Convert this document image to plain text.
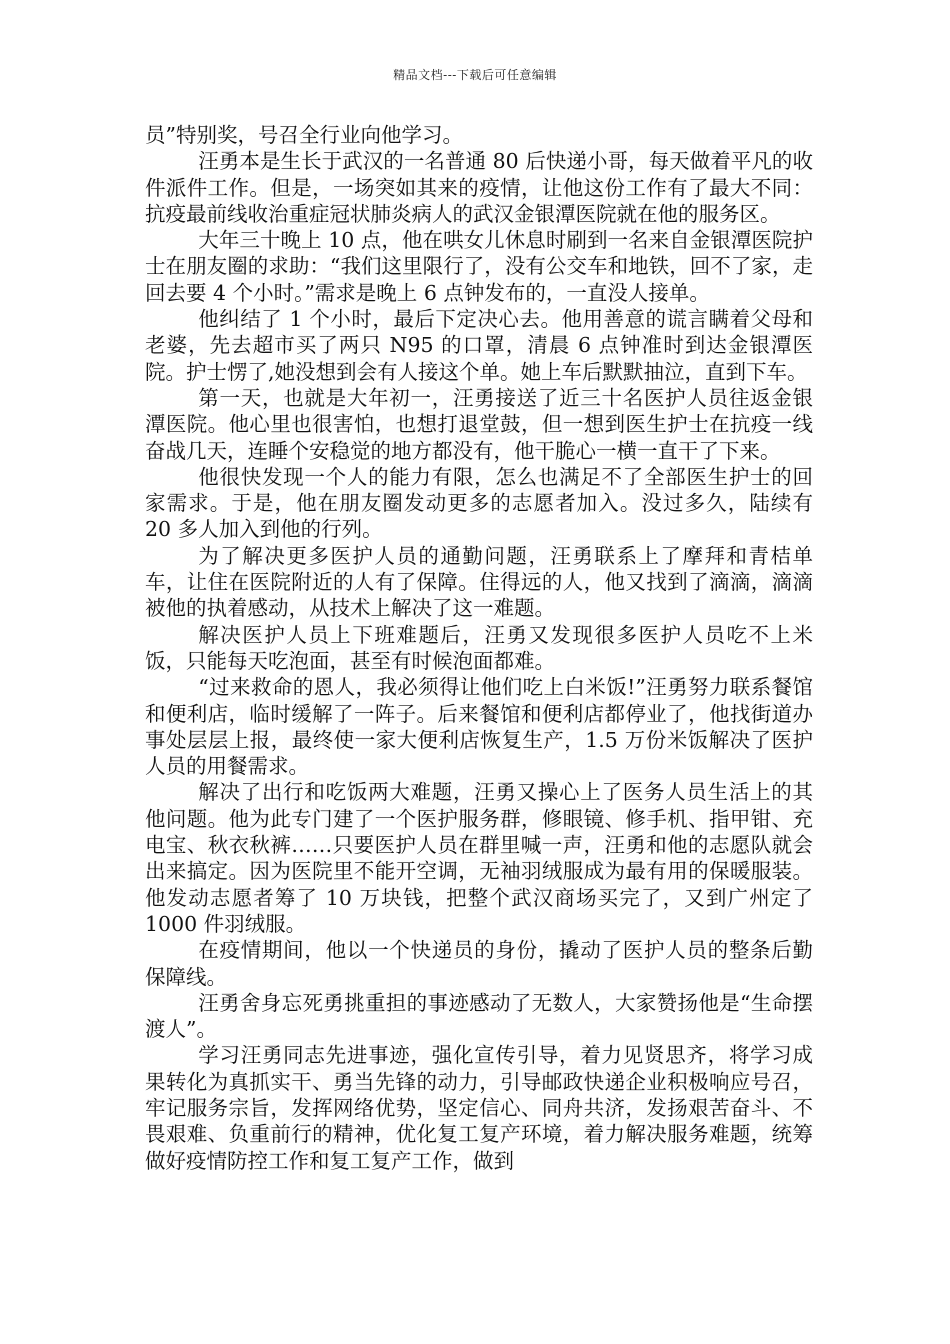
精品文档---下载后可任意编辑

员”特别奖，号召全行业向他学习。

汪勇本是生长于武汉的一名普通 80 后快递小哥，每天做着平凡的收件派件工作。但是，一场突如其来的疫情，让他这份工作有了最大不同：抗疫最前线收治重症冠状肺炎病人的武汉金银潭医院就在他的服务区。

大年三十晚上 10 点，他在哄女儿休息时刷到一名来自金银潭医院护士在朋友圈的求助：“我们这里限行了，没有公交车和地铁，回不了家，走回去要 4 个小时。”需求是晚上 6 点钟发布的，一直没人接单。

他纠结了 1 个小时，最后下定决心去。他用善意的谎言瞒着父母和老婆，先去超市买了两只 N95 的口罩，清晨 6 点钟准时到达金银潭医院。护士愣了,她没想到会有人接这个单。她上车后默默抽泣，直到下车。

第一天，也就是大年初一，汪勇接送了近三十名医护人员往返金银潭医院。他心里也很害怕，也想打退堂鼓，但一想到医生护士在抗疫一线奋战几天，连睡个安稳觉的地方都没有，他干脆心一横一直干了下来。

他很快发现一个人的能力有限，怎么也满足不了全部医生护士的回家需求。于是，他在朋友圈发动更多的志愿者加入。没过多久，陆续有 20 多人加入到他的行列。

为了解决更多医护人员的通勤问题，汪勇联系上了摩拜和青桔单车，让住在医院附近的人有了保障。住得远的人，他又找到了滴滴，滴滴被他的执着感动，从技术上解决了这一难题。

解决医护人员上下班难题后，汪勇又发现很多医护人员吃不上米饭，只能每天吃泡面，甚至有时候泡面都难。

“过来救命的恩人，我必须得让他们吃上白米饭!”汪勇努力联系餐馆和便利店，临时缓解了一阵子。后来餐馆和便利店都停业了，他找街道办事处层层上报，最终使一家大便利店恢复生产，1.5 万份米饭解决了医护人员的用餐需求。

解决了出行和吃饭两大难题，汪勇又操心上了医务人员生活上的其他问题。他为此专门建了一个医护服务群，修眼镜、修手机、指甲钳、充电宝、秋衣秋裤……只要医护人员在群里喊一声，汪勇和他的志愿队就会出来搞定。因为医院里不能开空调，无袖羽绒服成为最有用的保暖服装。他发动志愿者筹了 10 万块钱，把整个武汉商场买完了，又到广州定了 1000 件羽绒服。

在疫情期间，他以一个快递员的身份，撬动了医护人员的整条后勤保障线。

汪勇舍身忘死勇挑重担的事迹感动了无数人，大家赞扬他是“生命摆渡人”。

学习汪勇同志先进事迹，强化宣传引导，着力见贤思齐，将学习成果转化为真抓实干、勇当先锋的动力，引导邮政快递企业积极响应号召，牢记服务宗旨，发挥网络优势，坚定信心、同舟共济，发扬艰苦奋斗、不畏艰难、负重前行的精神，优化复工复产环境，着力解决服务难题，统筹做好疫情防控工作和复工复产工作，做到
